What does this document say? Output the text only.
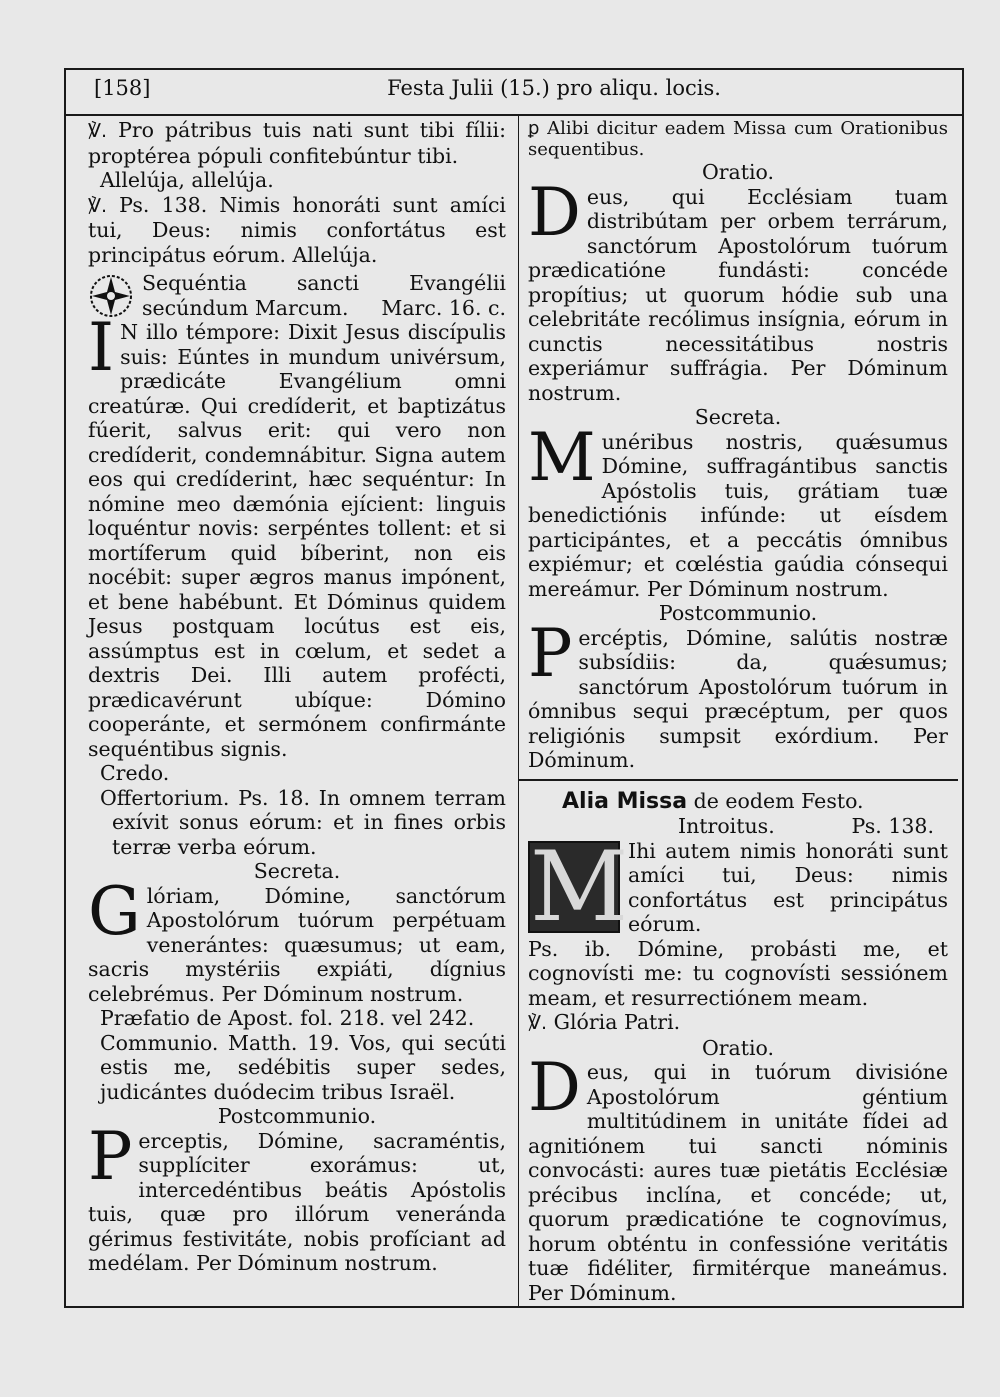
[158]	Festa Julii (15.) pro aliqu. locis.

℣. Pro pátribus tuis nati sunt tibi fílii: proptérea pópuli confitebúntur tibi.

Allelúja, allelúja.

℣. Ps. 138. Nimis honoráti sunt amíci tui, Deus: nimis confortátus est principátus eórum. Allelúja.

Sequéntia sancti Evangélii secúndum Marcum. Marc. 16. c.

I N illo témpore: Dixit Jesus discípulis suis: Eúntes in mundum univérsum, prædicáte Evangélium omni creatúræ. Qui credíderit, et baptizátus fúerit, salvus erit: qui vero non credíderit, condemnábitur. Signa autem eos qui credíderint, hæc sequéntur: In nómine meo dæmónia ejícient: linguis loquéntur novis: serpéntes tollent: et si mortíferum quid bíberint, non eis nocébit: super ægros manus impónent, et bene habébunt. Et Dóminus quidem Jesus postquam locútus est eis, assúmptus est in cœlum, et sedet a dextris Dei. Illi autem profécti, prædicavérunt ubíque: Dómino cooperánte, et sermónem confirmánte sequéntibus signis.

Credo.

Offertorium. Ps. 18. In omnem terram exívit sonus eórum: et in fines orbis terræ verba eórum.

Secreta.

G lóriam, Dómine, sanctórum Apostolórum tuórum perpétuam venerántes: quæsumus; ut eam, sacris mystériis expiáti, dígnius celebrémus. Per Dóminum nostrum.

Præfatio de Apost. fol. 218. vel 242.

Communio. Matth. 19. Vos, qui secúti estis me, sedébitis super sedes, judicántes duódecim tribus Israël.

Postcommunio.

P erceptis, Dómine, sacraméntis, supplíciter exorámus: ut, intercedéntibus beátis Apóstolis tuis, quæ pro illórum veneránda gérimus festivitáte, nobis profíciant ad medélam. Per Dóminum nostrum.

ꝑ Alibi dicitur eadem Missa cum Orationibus sequentibus.

Oratio.

D eus, qui Ecclésiam tuam distribútam per orbem terrárum, sanctórum Apostolórum tuórum prædicatióne fundásti: concéde propítius; ut quorum hódie sub una celebritáte recólimus insígnia, eórum in cunctis necessitátibus nostris experiámur suffrágia. Per Dóminum nostrum.

Secreta.

M unéribus nostris, quǽsumus Dómine, suffragántibus sanctis Apóstolis tuis, grátiam tuæ benedictiónis infúnde: ut eísdem participántes, et a peccátis ómnibus expiémur; et cœléstia gaúdia cónsequi mereámur. Per Dóminum nostrum.

Postcommunio.

P ercéptis, Dómine, salútis nostræ subsídiis: da, quǽsumus; sanctórum Apostolórum tuórum in ómnibus sequi præcéptum, per quos religiónis sumpsit exórdium. Per Dóminum.

Alia Missa de eodem Festo.

Introitus.	Ps. 138.
M Ihi autem nimis honoráti sunt amíci tui, Deus: nimis confortátus est principátus eórum.

Ps. ib. Dómine, probásti me, et cognovísti me: tu cognovísti sessiónem meam, et resurrectiónem meam.

℣. Glória Patri.

Oratio.

D eus, qui in tuórum divisióne Apostolórum géntium multitúdinem in unitáte fídei ad agnitiónem tui sancti nóminis convocásti: aures tuæ pietátis Ecclésiæ précibus inclína, et concéde; ut, quorum prædicatióne te cognovímus, horum obténtu in confessióne veritátis tuæ fidéliter, firmitérque maneámus. Per Dóminum.
